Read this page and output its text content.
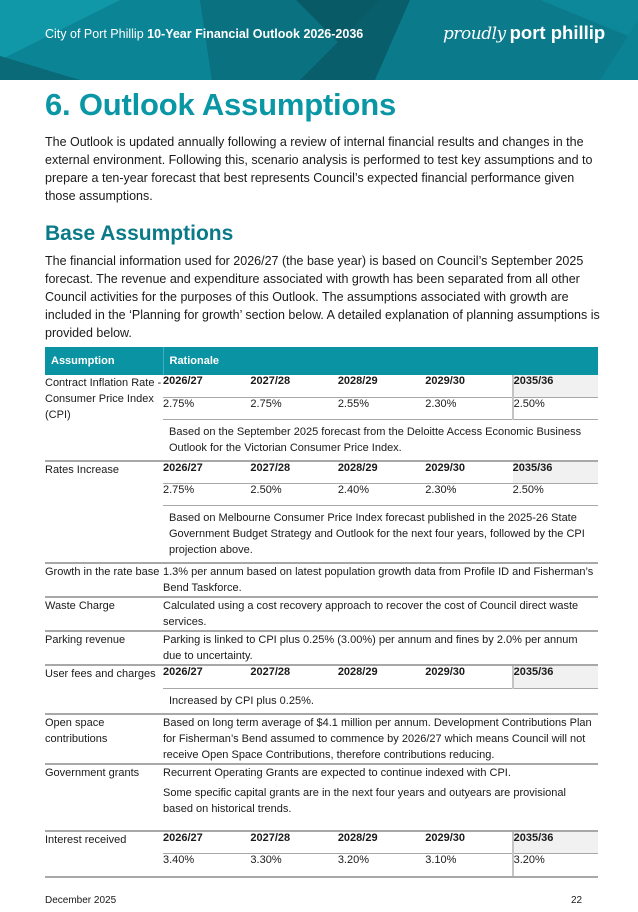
City of Port Phillip 10-Year Financial Outlook 2026-2036	proudly port phillip
6. Outlook Assumptions

The Outlook is updated annually following a review of internal financial results and changes in the external environment. Following this, scenario analysis is performed to test key assumptions and to prepare a ten-year forecast that best represents Council’s expected financial performance given those assumptions.

Base Assumptions

The financial information used for 2026/27 (the base year) is based on Council’s September 2025 forecast. The revenue and expenditure associated with growth has been separated from all other Council activities for the purposes of this Outlook. The assumptions associated with growth are included in the ‘Planning for growth’ section below. A detailed explanation of planning assumptions is provided below.

Assumption	Rationale
Contract Inflation Rate - Consumer Price Index (CPI)	
2026/27	2027/28	2028/29	2029/30	2035/36
2.75%	2.75%	2.55%	2.30%	2.50%

Based on the September 2025 forecast from the Deloitte Access Economic Business Outlook for the Victorian Consumer Price Index.

Rates Increase		2026/27	2027/28	2028/29	2029/30	2035/36
2.75%	2.50%	2.40%	2.30%	2.50%

Based on Melbourne Consumer Price Index forecast published in the 2025-26 State Government Budget Strategy and Outlook for the next four years, followed by the CPI projection above.

Growth in the rate base	1.3% per annum based on latest population growth data from Profile ID and Fisherman’s Bend Taskforce.
Waste Charge	Calculated using a cost recovery approach to recover the cost of Council direct waste services.
Parking revenue	Parking is linked to CPI plus 0.25% (3.00%) per annum and fines by 2.0% per annum due to uncertainty.
User fees and charges	2026/27	2027/28	2028/29	2029/30	2035/36

Increased by CPI plus 0.25%.

Open space contributions	Based on long term average of $4.1 million per annum. Development Contributions Plan for Fisherman’s Bend assumed to commence by 2026/27 which means Council will not receive Open Space Contributions, therefore contributions reducing.
Government grants	Recurrent Operating Grants are expected to continue indexed with CPI.

Some specific capital grants are in the next four years and outyears are provisional based on historical trends.

Interest received		2026/27	2027/28	2028/29	2029/30	2035/36
3.40%	3.30%	3.20%	3.10%	3.20%
December 2025	22
